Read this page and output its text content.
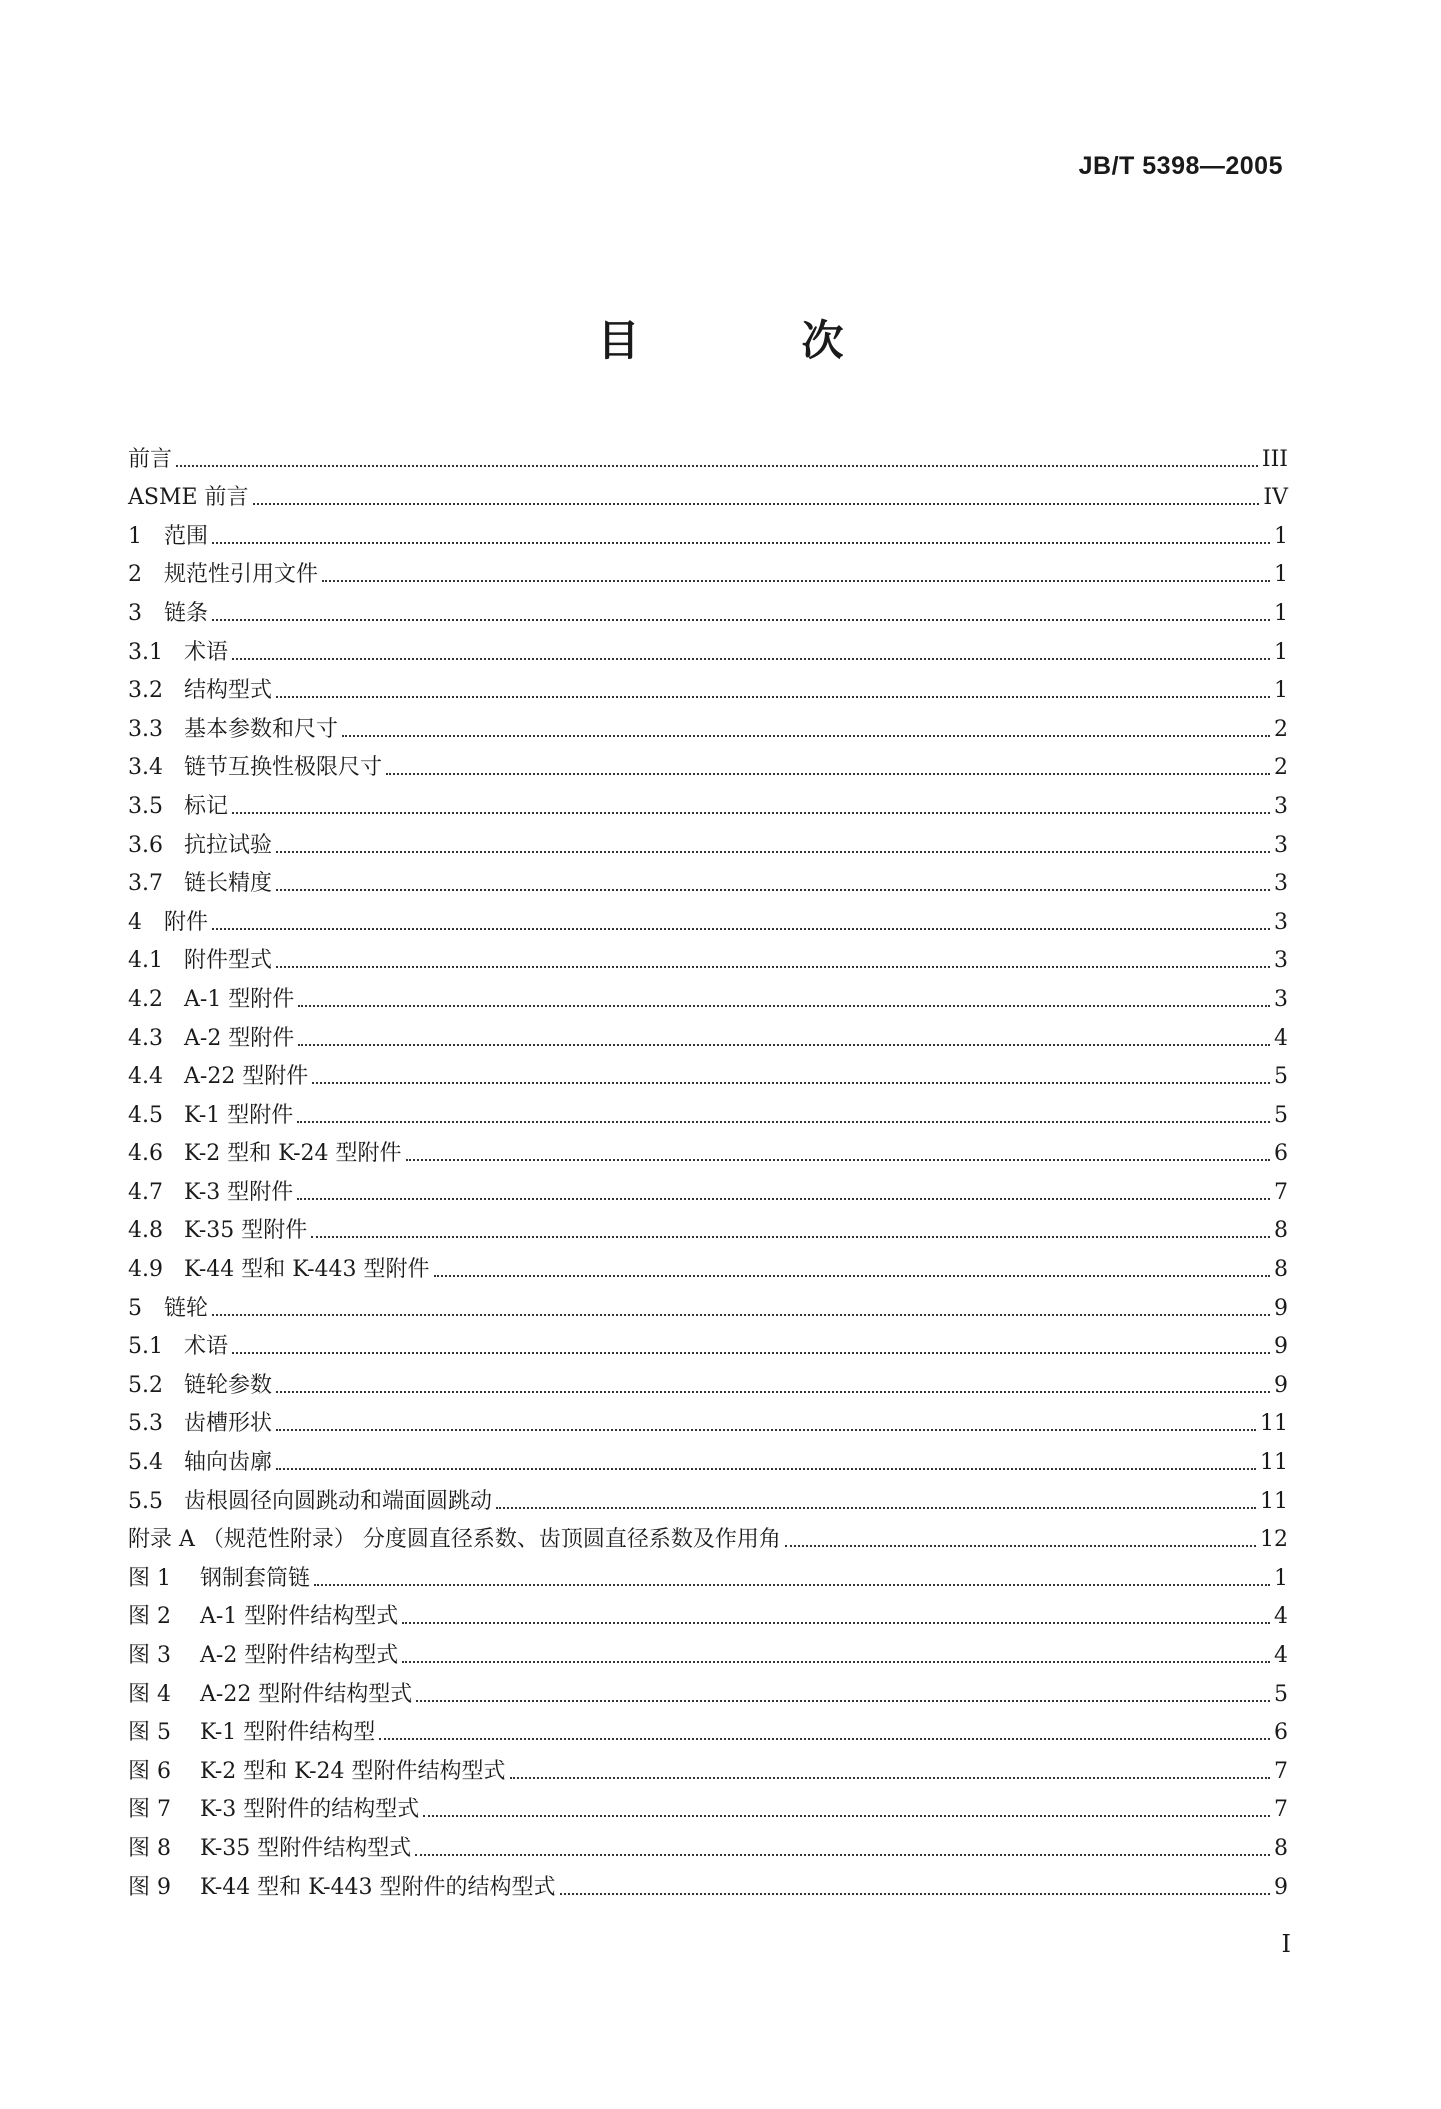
JB/T 5398—2005
目　次
前言	III
ASME 前言	IV
1	范围	1
2	规范性引用文件	1
3	链条	1
3.1 术语	1
3.2 结构型式	1
3.3 基本参数和尺寸	2
3.4 链节互换性极限尺寸	2
3.5 标记	3
3.6 抗拉试验	3
3.7 链长精度	3
4	附件	3
4.1 附件型式	3
4.2 A-1 型附件	3
4.3 A-2 型附件	4
4.4 A-22 型附件	5
4.5 K-1 型附件	5
4.6 K-2 型和 K-24 型附件	6
4.7 K-3 型附件	7
4.8 K-35 型附件	8
4.9 K-44 型和 K-443 型附件	8
5	链轮	9
5.1 术语	9
5.2 链轮参数	9
5.3 齿槽形状	11
5.4 轴向齿廓	11
5.5 齿根圆径向圆跳动和端面圆跳动	11
附录 A （规范性附录） 分度圆直径系数、齿顶圆直径系数及作用角	12
图 1	钢制套筒链	1
图 2	A-1 型附件结构型式	4
图 3	A-2 型附件结构型式	4
图 4	A-22 型附件结构型式	5
图 5	K-1 型附件结构型	6
图 6	K-2 型和 K-24 型附件结构型式	7
图 7	K-3 型附件的结构型式	7
图 8	K-35 型附件结构型式	8
图 9	K-44 型和 K-443 型附件的结构型式	9
I
